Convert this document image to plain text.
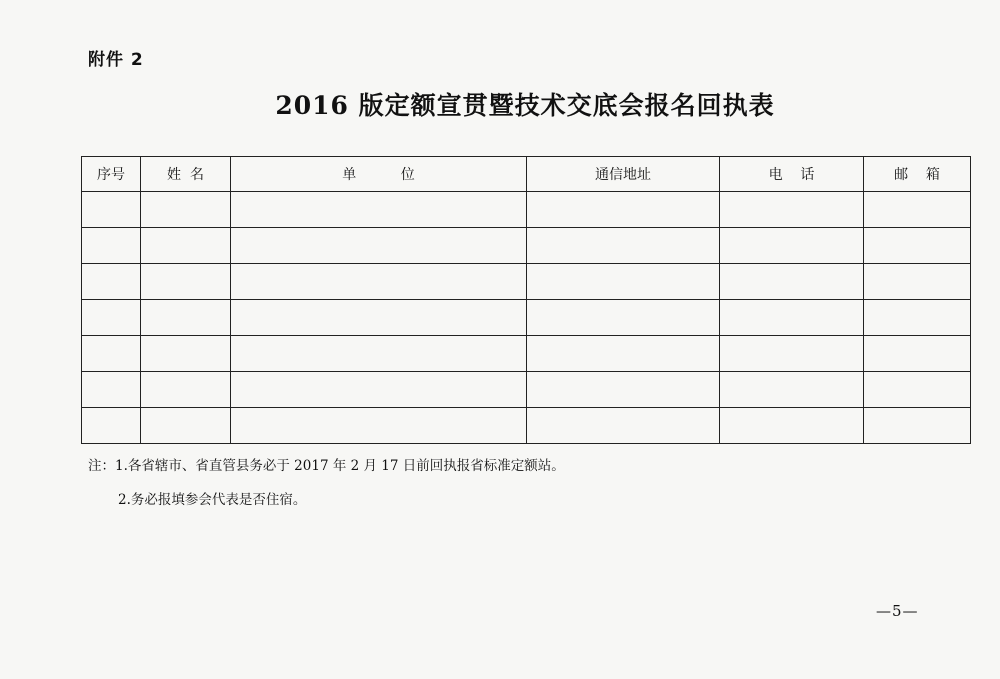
附件 2
2016 版定额宣贯暨技术交底会报名回执表
序号	姓  名	单          位	通信地址	电    话	邮    箱

注：1.各省辖市、省直管县务必于 2017 年 2 月 17 日前回执报省标准定额站。
2.务必报填参会代表是否住宿。
—5—
